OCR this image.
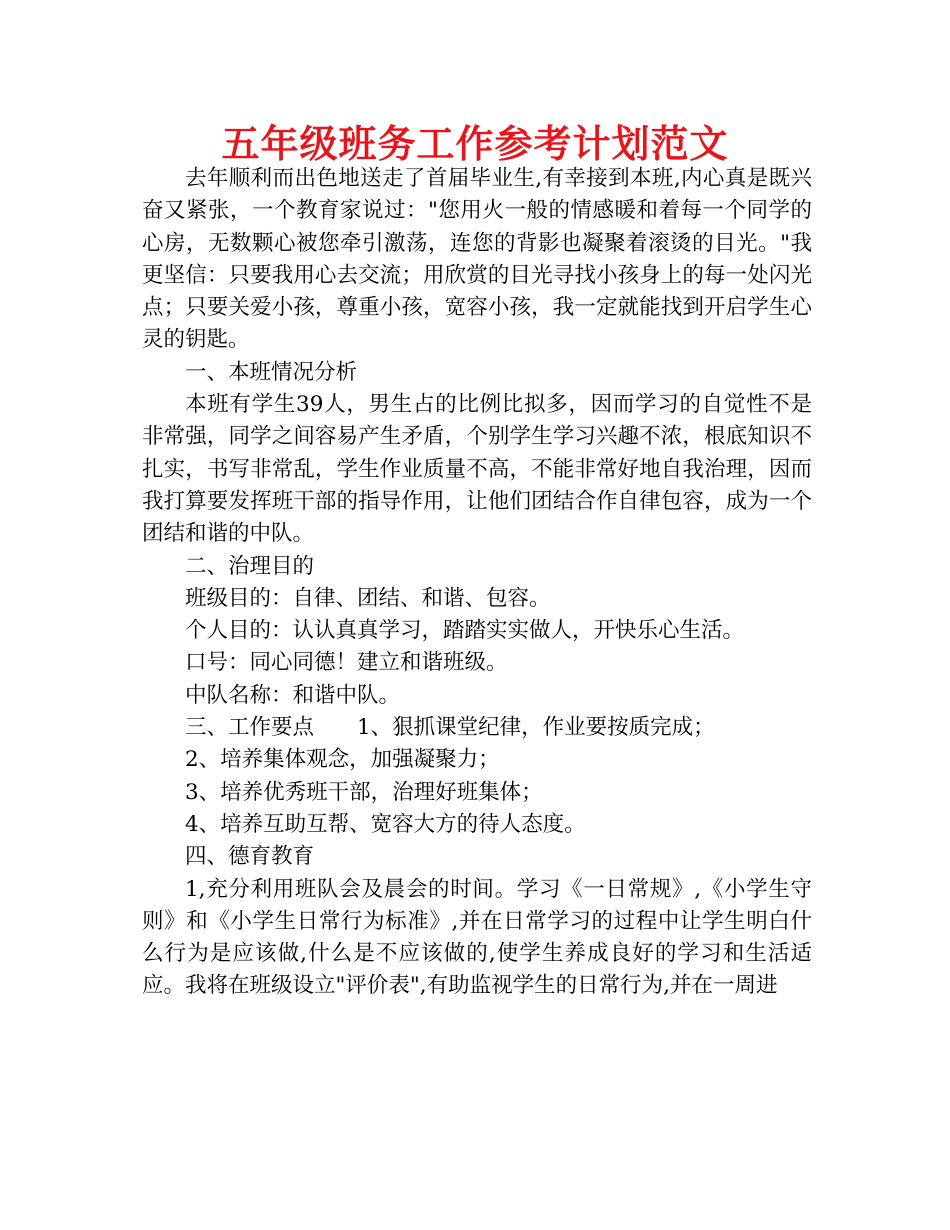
五年级班务工作参考计划范文

去年顺利而出色地送走了首届毕业生,有幸接到本班,内心真是既兴奋又紧张，一个教育家说过："您用火一般的情感暖和着每一个同学的心房，无数颗心被您牵引激荡，连您的背影也凝聚着滚烫的目光。"我更坚信：只要我用心去交流；用欣赏的目光寻找小孩身上的每一处闪光点；只要关爱小孩，尊重小孩，宽容小孩，我一定就能找到开启学生心灵的钥匙。

一、本班情况分析

本班有学生39人，男生占的比例比拟多，因而学习的自觉性不是非常强，同学之间容易产生矛盾，个别学生学习兴趣不浓，根底知识不扎实，书写非常乱，学生作业质量不高，不能非常好地自我治理，因而我打算要发挥班干部的指导作用，让他们团结合作自律包容，成为一个团结和谐的中队。

二、治理目的

班级目的：自律、团结、和谐、包容。

个人目的：认认真真学习，踏踏实实做人，开快乐心生活。

口号：同心同德！建立和谐班级。

中队名称：和谐中队。

三、工作要点　　1、狠抓课堂纪律，作业要按质完成；

2、培养集体观念，加强凝聚力；

3、培养优秀班干部，治理好班集体；

4、培养互助互帮、宽容大方的待人态度。

四、德育教育

1,充分利用班队会及晨会的时间。学习《一日常规》,《小学生守则》和《小学生日常行为标准》,并在日常学习的过程中让学生明白什么行为是应该做,什么是不应该做的,使学生养成良好的学习和生活适应。我将在班级设立"评价表",有助监视学生的日常行为,并在一周进
